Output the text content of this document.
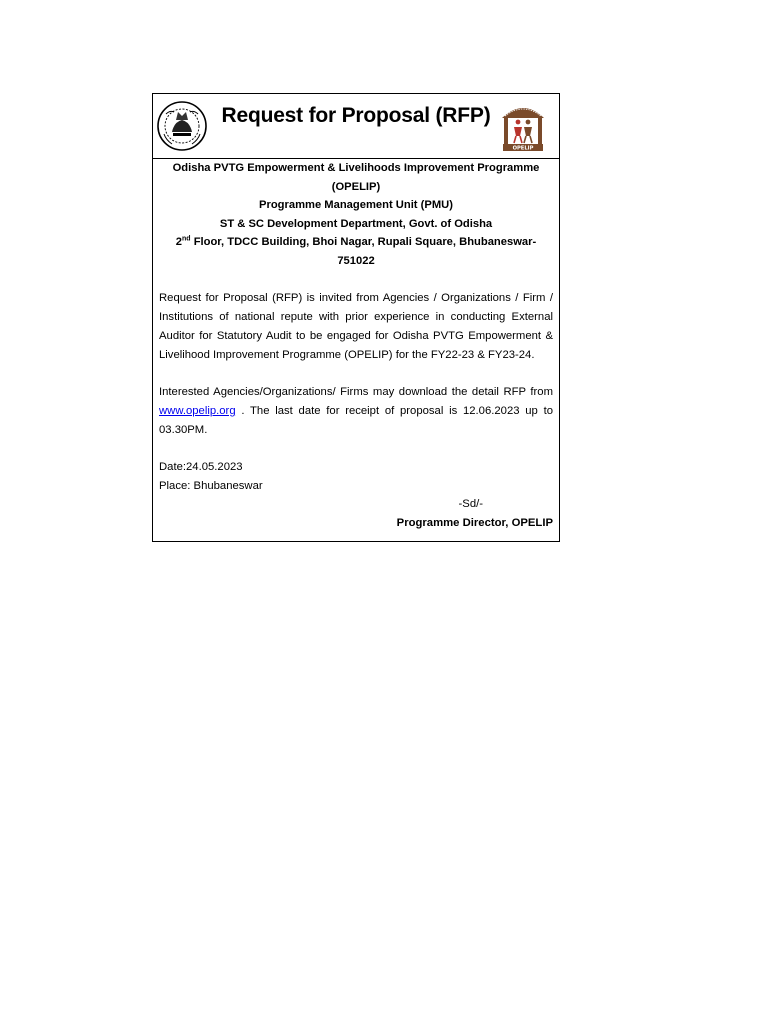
Request for Proposal (RFP)
OPELIP
Odisha PVTG Empowerment & Livelihoods Improvement Programme
(OPELIP)
Programme Management Unit (PMU)
ST & SC Development Department, Govt. of Odisha
2nd Floor, TDCC Building, Bhoi Nagar, Rupali Square, Bhubaneswar-751022

Request for Proposal (RFP) is invited from Agencies / Organizations / Firm / Institutions of national repute with prior experience in conducting External Auditor for Statutory Audit to be engaged for Odisha PVTG Empowerment & Livelihood Improvement Programme (OPELIP) for the FY22-23 & FY23-24.

Interested Agencies/Organizations/ Firms may download the detail RFP from www.opelip.org . The last date for receipt of proposal is 12.06.2023 up to 03.30PM.

Date:24.05.2023
Place: Bhubaneswar
-Sd/-
Programme Director, OPELIP
